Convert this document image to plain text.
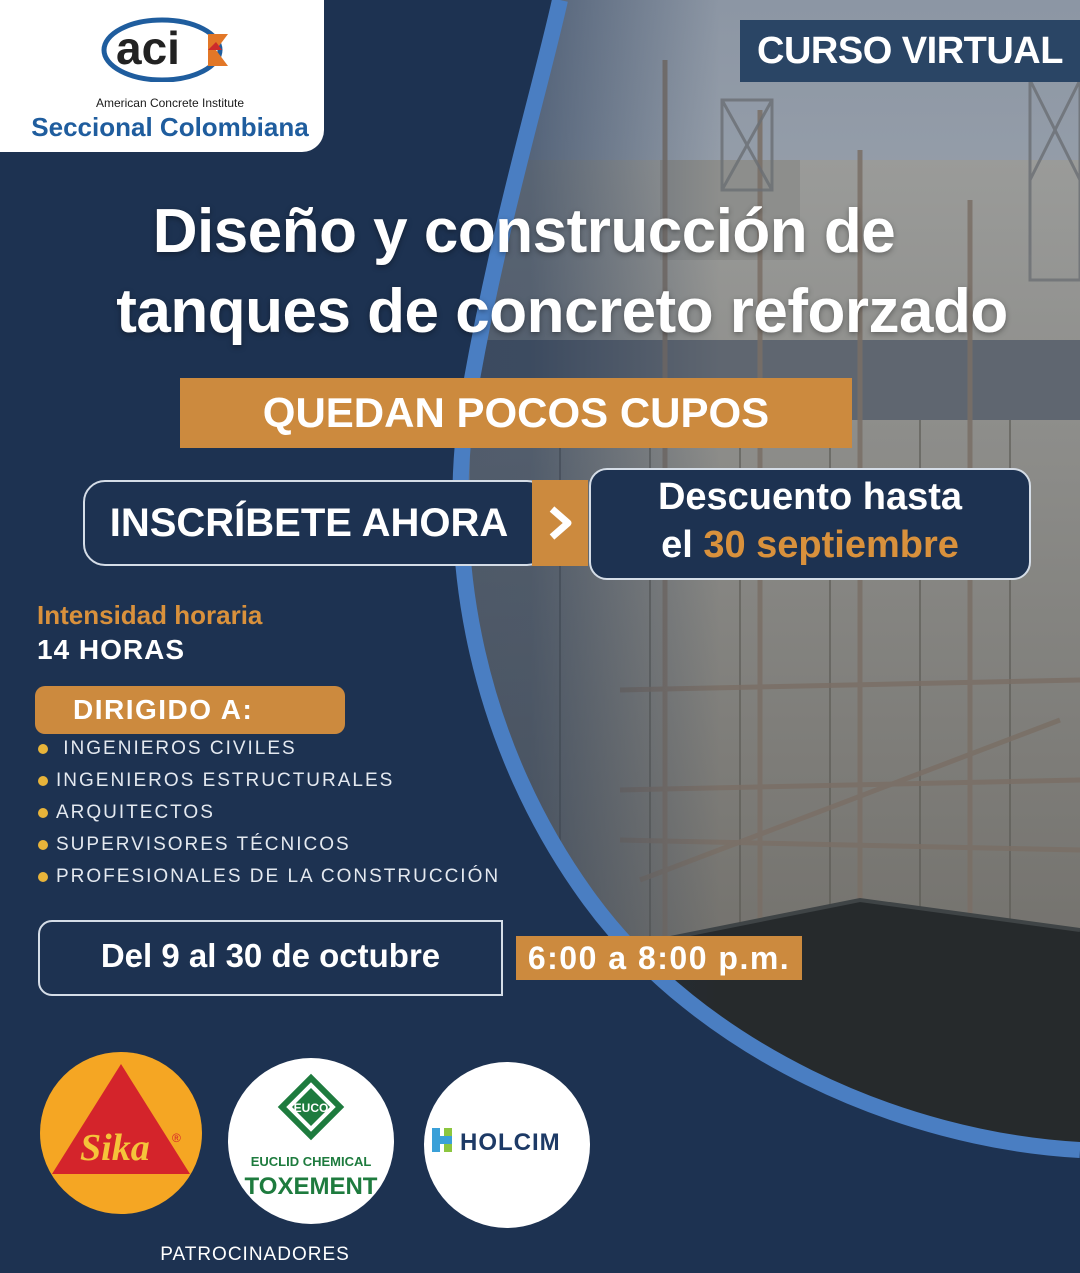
aci
American Concrete Institute
Seccional Colombiana
CURSO VIRTUAL
Diseño y construcción de
tanques de concreto reforzado
QUEDAN POCOS CUPOS
INSCRÍBETE AHORA
Descuento hasta
el 30 septiembre
Intensidad horaria
14 HORAS
DIRIGIDO A:
INGENIEROS CIVILES
INGENIEROS ESTRUCTURALES
ARQUITECTOS
SUPERVISORES TÉCNICOS
PROFESIONALES DE LA CONSTRUCCIÓN
Del 9 al 30 de octubre	6:00 a 8:00 p.m.
Sika ®
EUCO
EUCLID CHEMICAL
TOXEMENT
HOLCIM
PATROCINADORES
